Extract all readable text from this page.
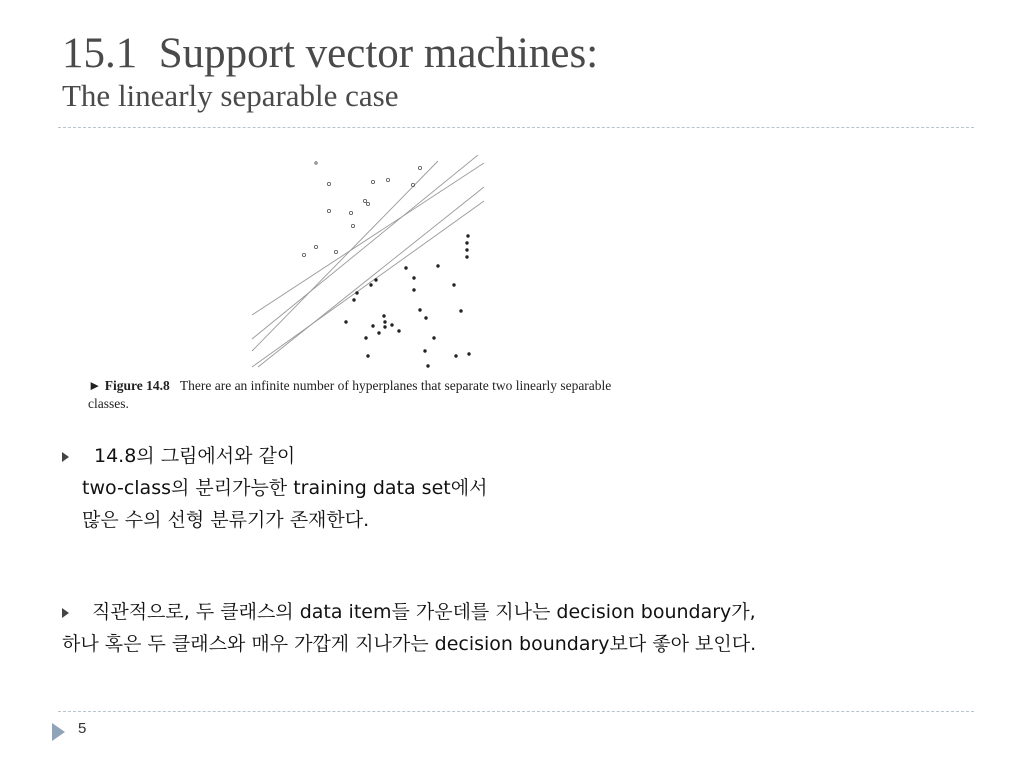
15.1 Support vector machines:
The linearly separable case
► Figure 14.8 There are an infinite number of hyperplanes that separate two linearly separable classes.
14.8의 그림에서와 같이
two-class의 분리가능한 training data set에서
많은 수의 선형 분류기가 존재한다.
직관적으로, 두 클래스의 data item들 가운데를 지나는 decision boundary가,
하나 혹은 두 클래스와 매우 가깝게 지나가는 decision boundary보다 좋아 보인다.
5
